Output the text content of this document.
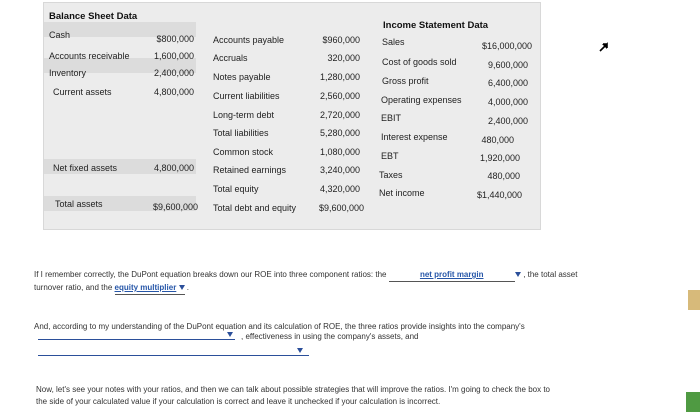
Balance Sheet Data
Income Statement Data
Cash	$800,000
Accounts receivable	1,600,000
Inventory	2,400,000
Current assets	4,800,000
Net fixed assets	4,800,000
Total assets	$9,600,000
Accounts payable	$960,000
Accruals	320,000
Notes payable	1,280,000
Current liabilities	2,560,000
Long-term debt	2,720,000
Total liabilities	5,280,000
Common stock	1,080,000
Retained earnings	3,240,000
Total equity	4,320,000
Total debt and equity	$9,600,000
Sales	$16,000,000
Cost of goods sold	9,600,000
Gross profit	6,400,000
Operating expenses	4,000,000
EBIT	2,400,000
Interest expense	480,000
EBT	1,920,000
Taxes	480,000
Net income	$1,440,000
If I remember correctly, the DuPont equation breaks down our ROE into three component ratios: the	net profit margin	, the total asset
turnover ratio, and the equity multiplier .
And, according to my understanding of the DuPont equation and its calculation of ROE, the three ratios provide insights into the company's
, effectiveness in using the company's assets, and
Now, let's see your notes with your ratios, and then we can talk about possible strategies that will improve the ratios. I'm going to check the box to
the side of your calculated value if your calculation is correct and leave it unchecked if your calculation is incorrect.
